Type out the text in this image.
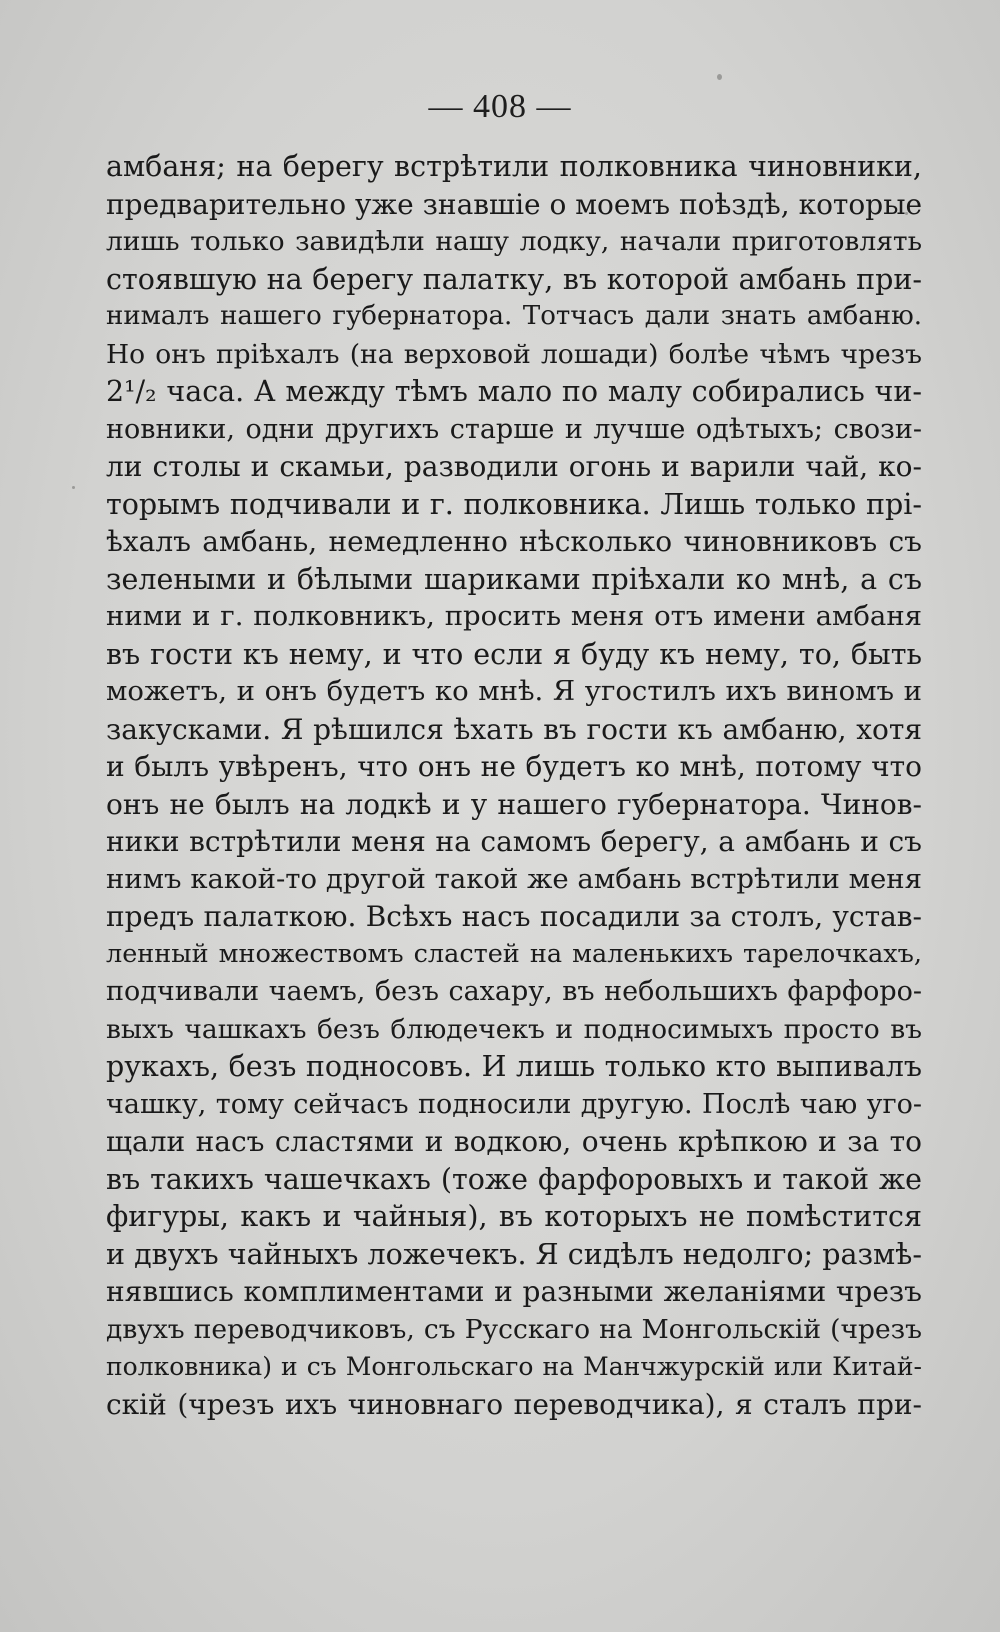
— 408 —
амбаня; на берегу встрѣтили полковника чиновники,
предварительно уже знавшіе о моемъ поѣздѣ, которые
лишь только завидѣли нашу лодку, начали приготовлять
стоявшую на берегу палатку, въ которой амбань при-
нималъ нашего губернатора. Тотчасъ дали знать амбаню.
Но онъ пріѣхалъ (на верховой лошади) болѣе чѣмъ чрезъ
2¹/₂ часа. А между тѣмъ мало по малу собирались чи-
новники, одни другихъ старше и лучше одѣтыхъ; свози-
ли столы и скамьи, разводили огонь и варили чай, ко-
торымъ подчивали и г. полковника. Лишь только прі-
ѣхалъ амбань, немедленно нѣсколько чиновниковъ съ
зелеными и бѣлыми шариками пріѣхали ко мнѣ, а съ
ними и г. полковникъ, просить меня отъ имени амбаня
въ гости къ нему, и что если я буду къ нему, то, быть
можетъ, и онъ будетъ ко мнѣ. Я угостилъ ихъ виномъ и
закусками. Я рѣшился ѣхать въ гости къ амбаню, хотя
и былъ увѣренъ, что онъ не будетъ ко мнѣ, потому что
онъ не былъ на лодкѣ и у нашего губернатора. Чинов-
ники встрѣтили меня на самомъ берегу, а амбань и съ
нимъ какой-то другой такой же амбань встрѣтили меня
предъ палаткою. Всѣхъ насъ посадили за столъ, устав-
ленный множествомъ сластей на маленькихъ тарелочкахъ,
подчивали чаемъ, безъ сахару, въ небольшихъ фарфоро-
выхъ чашкахъ безъ блюдечекъ и подносимыхъ просто въ
рукахъ, безъ подносовъ. И лишь только кто выпивалъ
чашку, тому сейчасъ подносили другую. Послѣ чаю уго-
щали насъ сластями и водкою, очень крѣпкою и за то
въ такихъ чашечкахъ (тоже фарфоровыхъ и такой же
фигуры, какъ и чайныя), въ которыхъ не помѣстится
и двухъ чайныхъ ложечекъ. Я сидѣлъ недолго; размѣ-
нявшись комплиментами и разными желаніями чрезъ
двухъ переводчиковъ, съ Русскаго на Монгольскій (чрезъ
полковника) и съ Монгольскаго на Манчжурскій или Китай-
скій (чрезъ ихъ чиновнаго переводчика), я сталъ при-
